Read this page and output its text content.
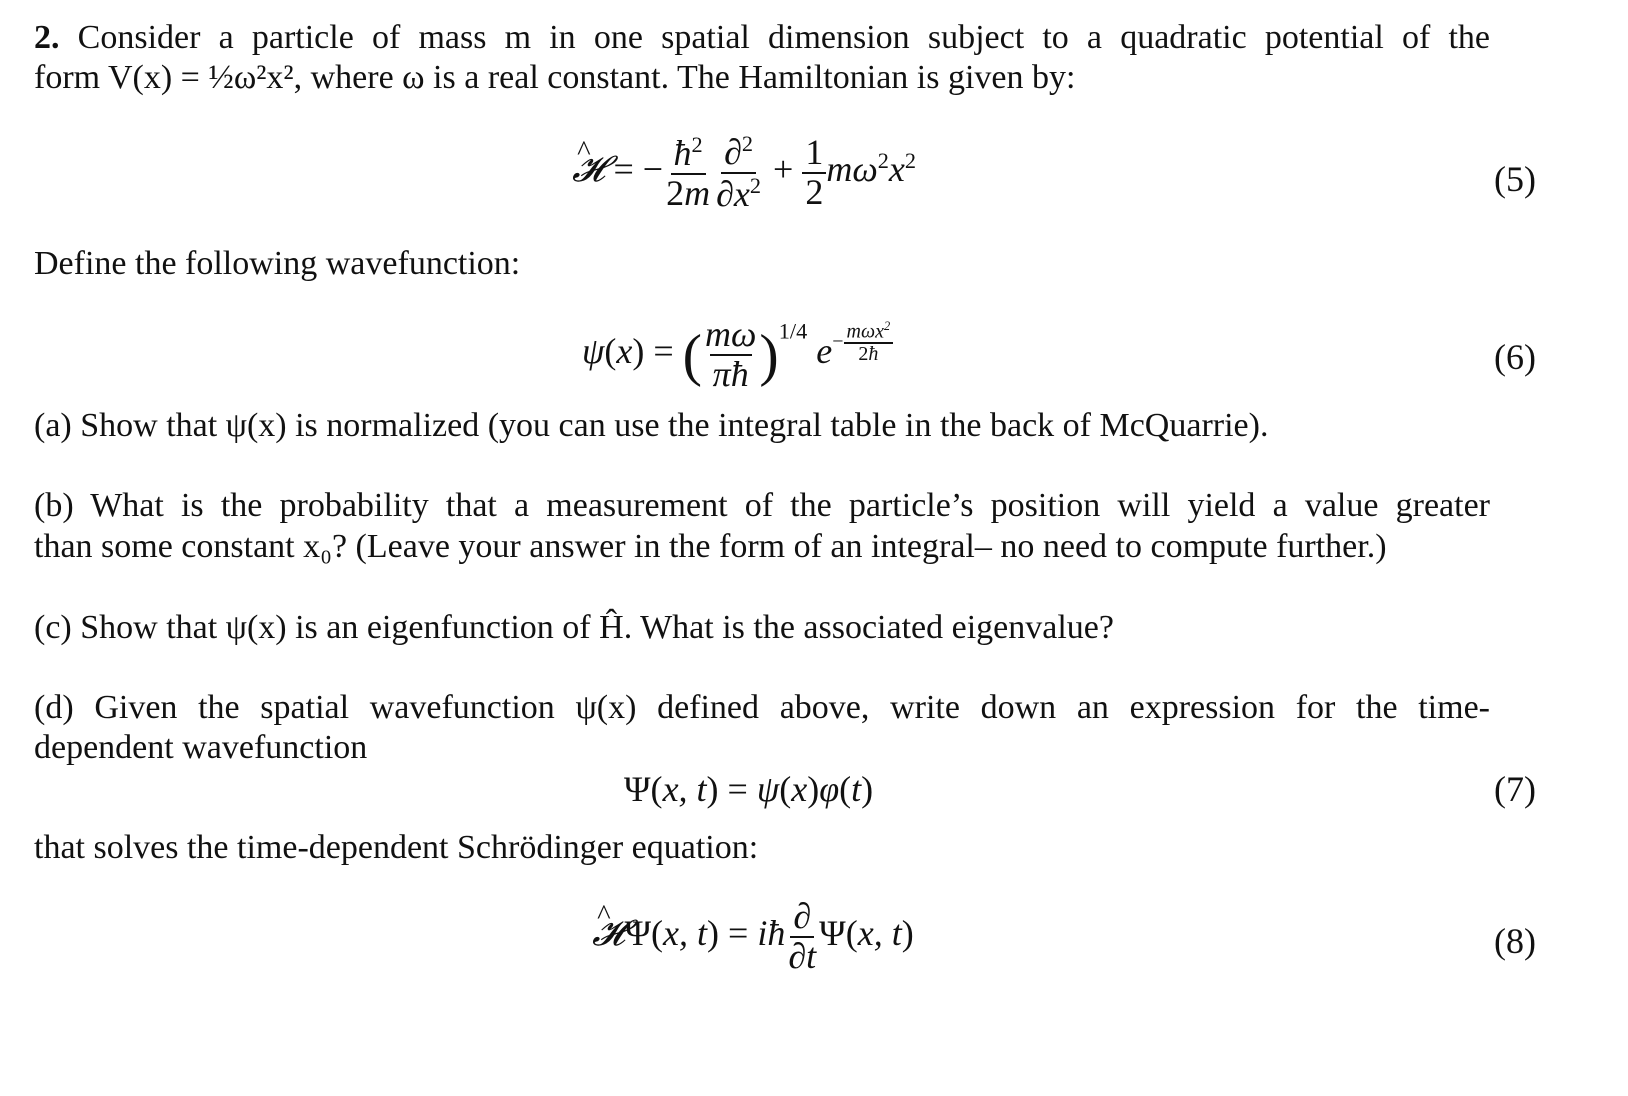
2. Consider a particle of mass m in one spatial dimension subject to a quadratic potential of the
form V(x) = ½ω²x², where ω is a real constant. The Hamiltonian is given by:
^ 𝓗 = − $\frac{ħ^2}{2m} \frac{\partial^2}{\partial x^2} + \frac{1}{2} m\omega^2x^2$	(5)
Define the following wavefunction:
ψ(x) = ( $\frac{m\omega}{\pi ħ} )^{1/4}$ $e- \frac{m\omega x^2}{2ħ}$	(6)
(a) Show that ψ(x) is normalized (you can use the integral table in the back of McQuarrie).
(b) What is the probability that a measurement of the particle’s position will yield a value greater
than some constant x₀? (Leave your answer in the form of an integral– no need to compute further.)
(c) Show that ψ(x) is an eigenfunction of Ĥ. What is the associated eigenvalue?
(d) Given the spatial wavefunction ψ(x) defined above, write down an expression for the time-
dependent wavefunction
Ψ(x, t) = ψ(x)φ(t)	(7)
that solves the time-dependent Schrödinger equation:
^ 𝓗Ψ(x, t) = iħ $\frac{\partial}{\partial t} \Psi(x$, t)	(8)
